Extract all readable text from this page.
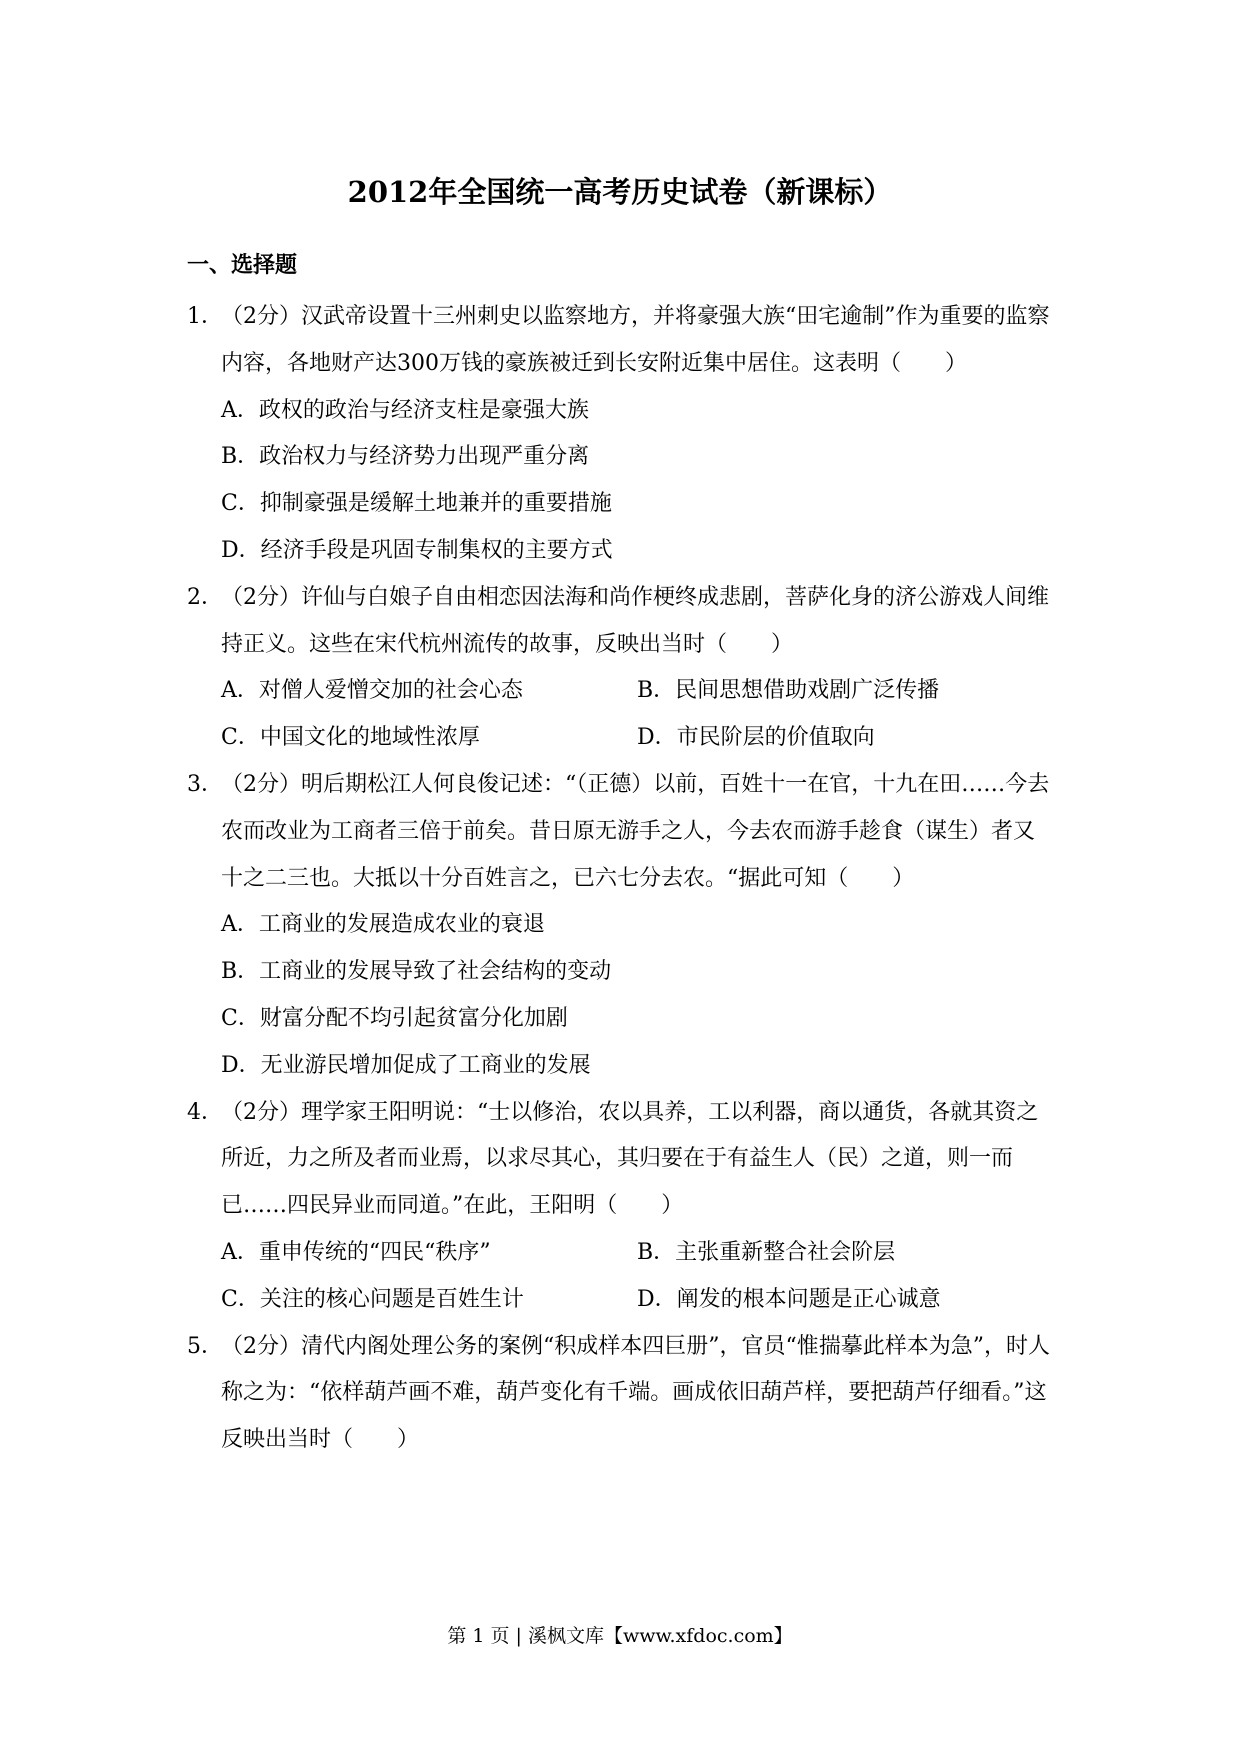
2012年全国统一高考历史试卷（新课标）
一、选择题

1．
（2分）汉武帝设置十三州刺史以监察地方，并将豪强大族“田宅逾制”作为重要的监察内容，各地财产达300万钱的豪族被迁到长安附近集中居住。这表明（　　）

A．政权的政治与经济支柱是豪强大族

B．政治权力与经济势力出现严重分离

C．抑制豪强是缓解土地兼并的重要措施

D．经济手段是巩固专制集权的主要方式

2．
（2分）许仙与白娘子自由相恋因法海和尚作梗终成悲剧，菩萨化身的济公游戏人间维持正义。这些在宋代杭州流传的故事，反映出当时（　　）

A．对僧人爱憎交加的社会心态	B．民间思想借助戏剧广泛传播
C．中国文化的地域性浓厚	D．市民阶层的价值取向

3．
（2分）明后期松江人何良俊记述：“（正德）以前，百姓十一在官，十九在田……今去农而改业为工商者三倍于前矣。昔日原无游手之人，今去农而游手趁食（谋生）者又十之二三也。大抵以十分百姓言之，已六七分去农。“据此可知（　　）

A．工商业的发展造成农业的衰退

B．工商业的发展导致了社会结构的变动

C．财富分配不均引起贫富分化加剧

D．无业游民增加促成了工商业的发展

4．
（2分）理学家王阳明说：“士以修治，农以具养，工以利器，商以通货，各就其资之所近，力之所及者而业焉，以求尽其心，其归要在于有益生人（民）之道，则一而已……四民异业而同道。”在此，王阳明（　　）

A．重申传统的“四民“秩序”	B．主张重新整合社会阶层
C．关注的核心问题是百姓生计	D．阐发的根本问题是正心诚意

5．
（2分）清代内阁处理公务的案例“积成样本四巨册”，官员“惟揣摹此样本为急”，时人称之为：“依样葫芦画不难，葫芦变化有千端。画成依旧葫芦样，要把葫芦仔细看。”这反映出当时（　　）

第 1 页 | 溪枫文库【www.xfdoc.com】
